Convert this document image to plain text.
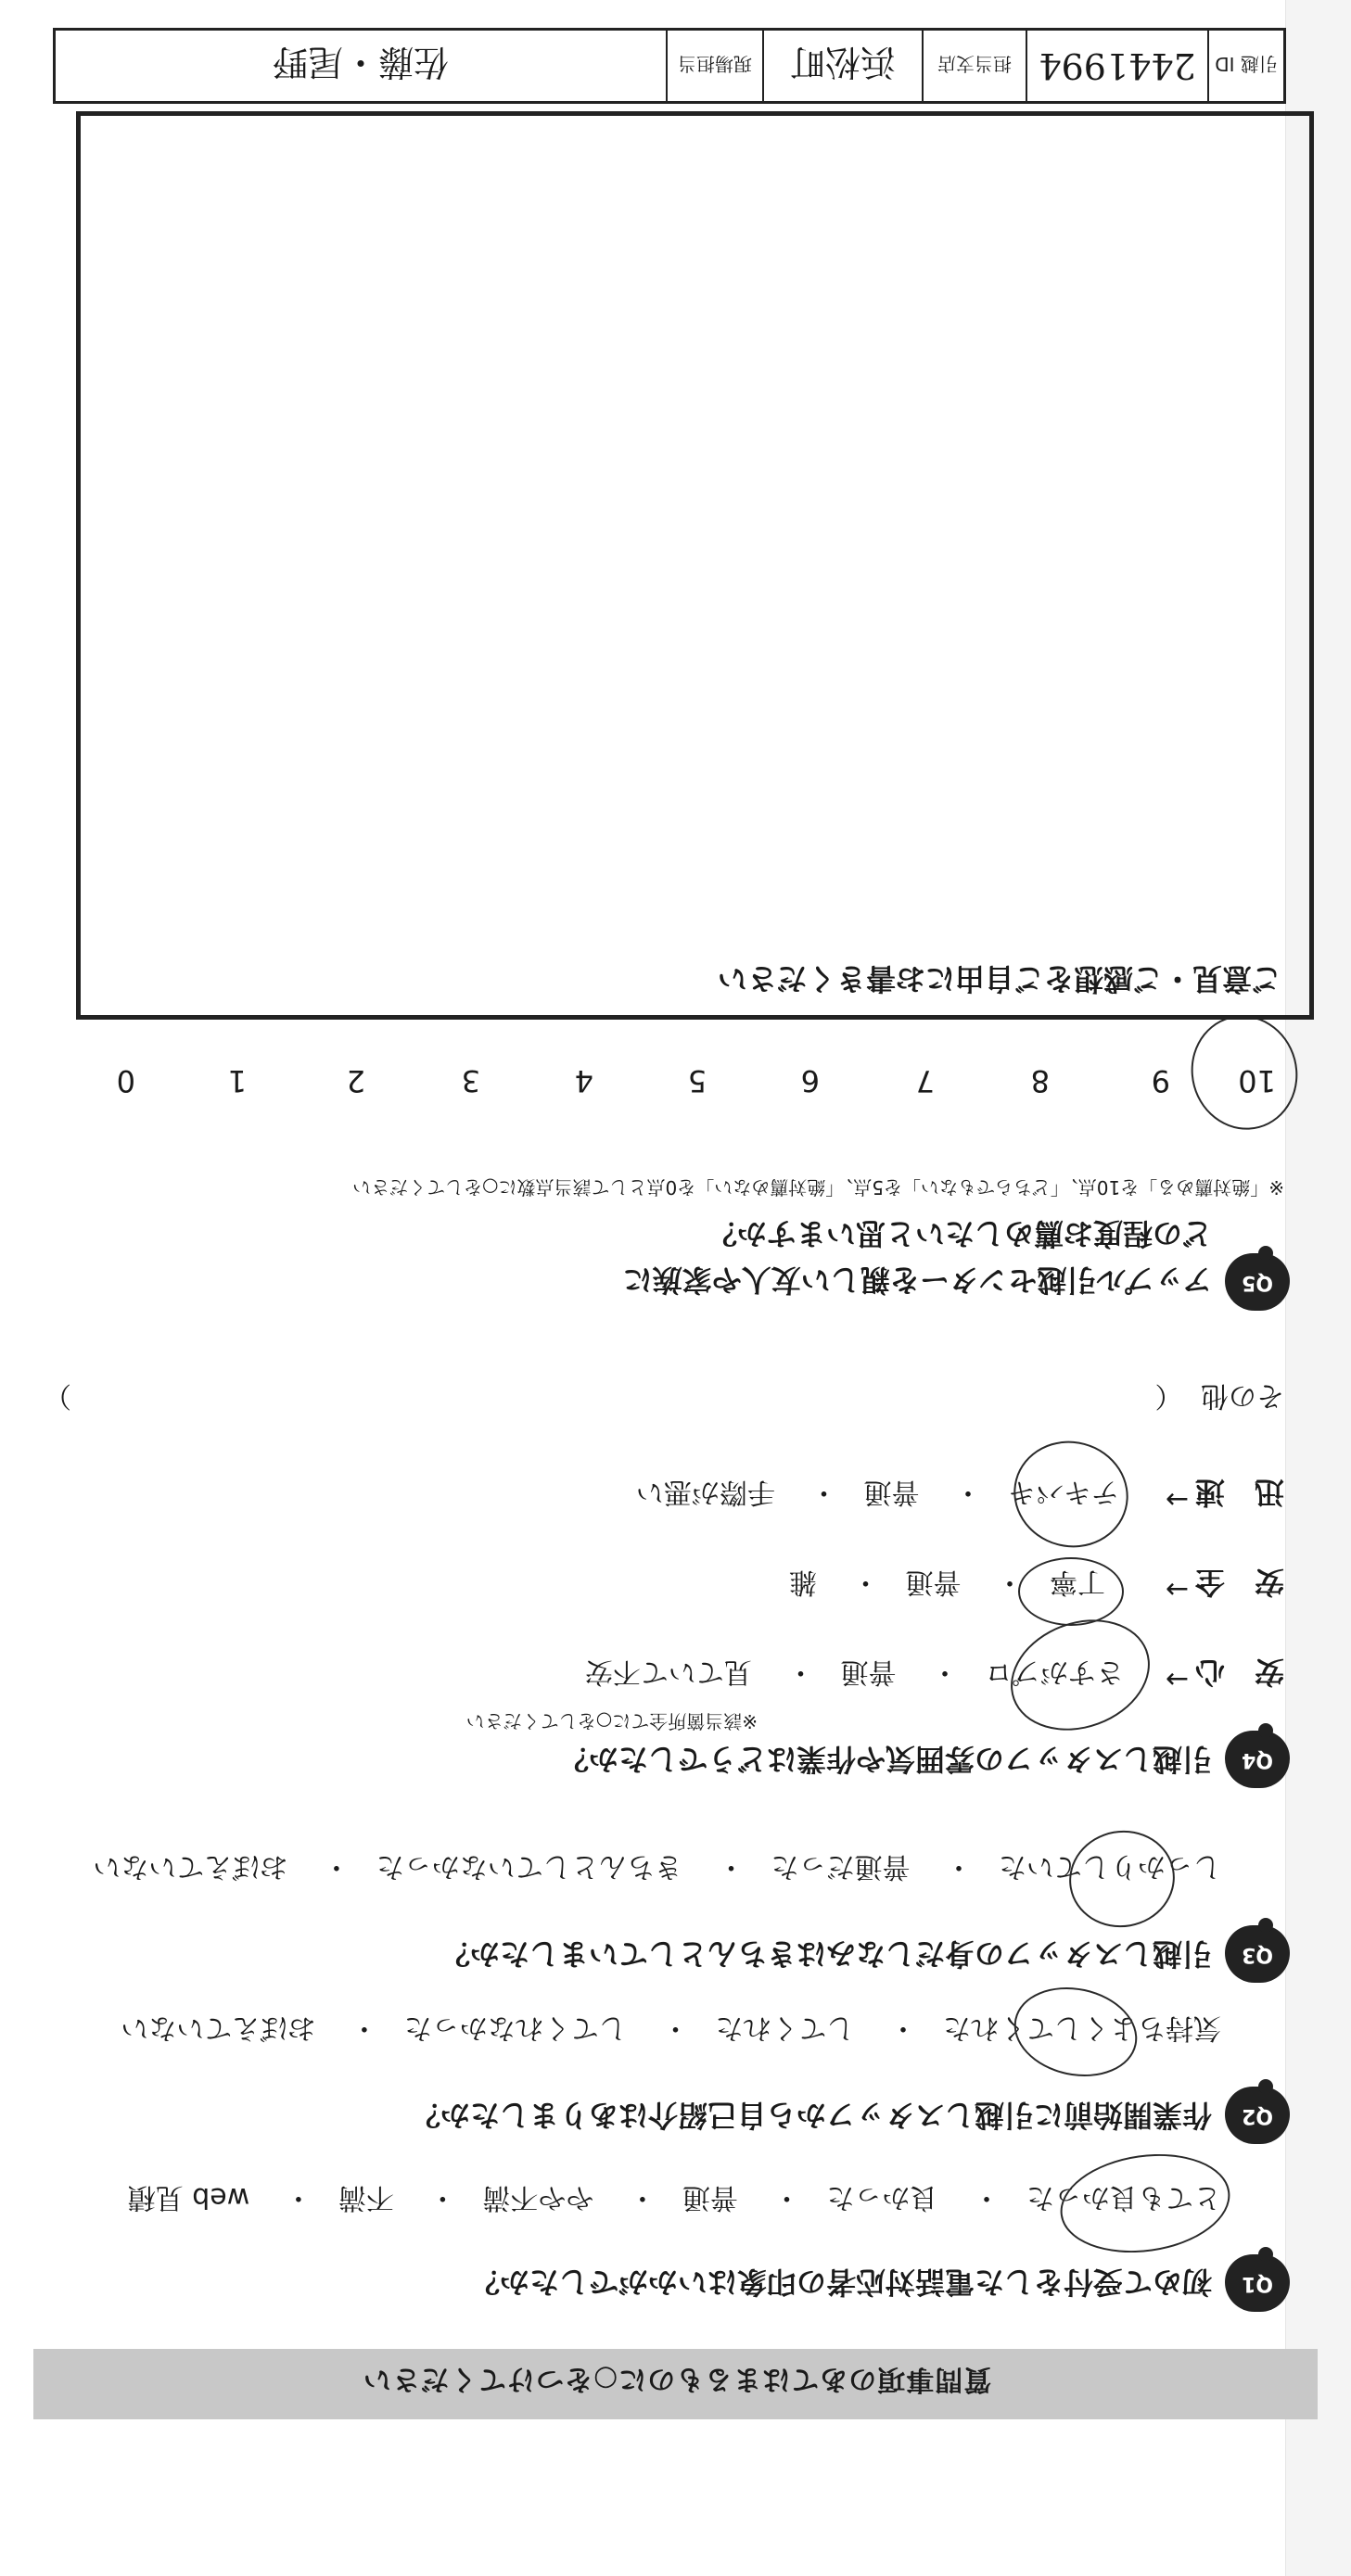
質問事項のあてはまるものに○をつけてください
Q1
初めて受付をした電話対応者の印象はいかがでしたか？
とても良かった・ 良かった・ 普通・ やや不満・ 不満・ web 見積
Q2
作業開始前に引越しスタッフから自己紹介はありましたか？
気持ちよくしてくれた・ してくれた・ してくれなかった・ おぼえていない
Q3
引越しスタッフの身だしなみはきちんとしていましたか？
しっかりしていた・ 普通だった・ きちんとしていなかった・ おぼえていない
Q4
引越しスタッフの雰囲気や作業はどうでしたか？
※該当箇所全てに○をしてください
安　心
→
さすがプロ・ 普通・ 見ていて不安
安　全
→
丁寧・ 普通・ 雑
迅　速
→
テキパキ・ 普通・ 手際が悪い
その他 （
）
Q5
アップル引越センターを親しい友人や家族に
どの程度お薦めしたいと思いますか？
※「絶対薦める」を10点、「どちらでもない」を5点、「絶対薦めない」を0点として該当点数に○をしてください
10
9
8
7
6
5
4
3
2
1
0
ご意見・ご感想をご自由にお書きください
引越 ID
2441994
担当支店
浜松町
現場担当
佐藤・尾野
